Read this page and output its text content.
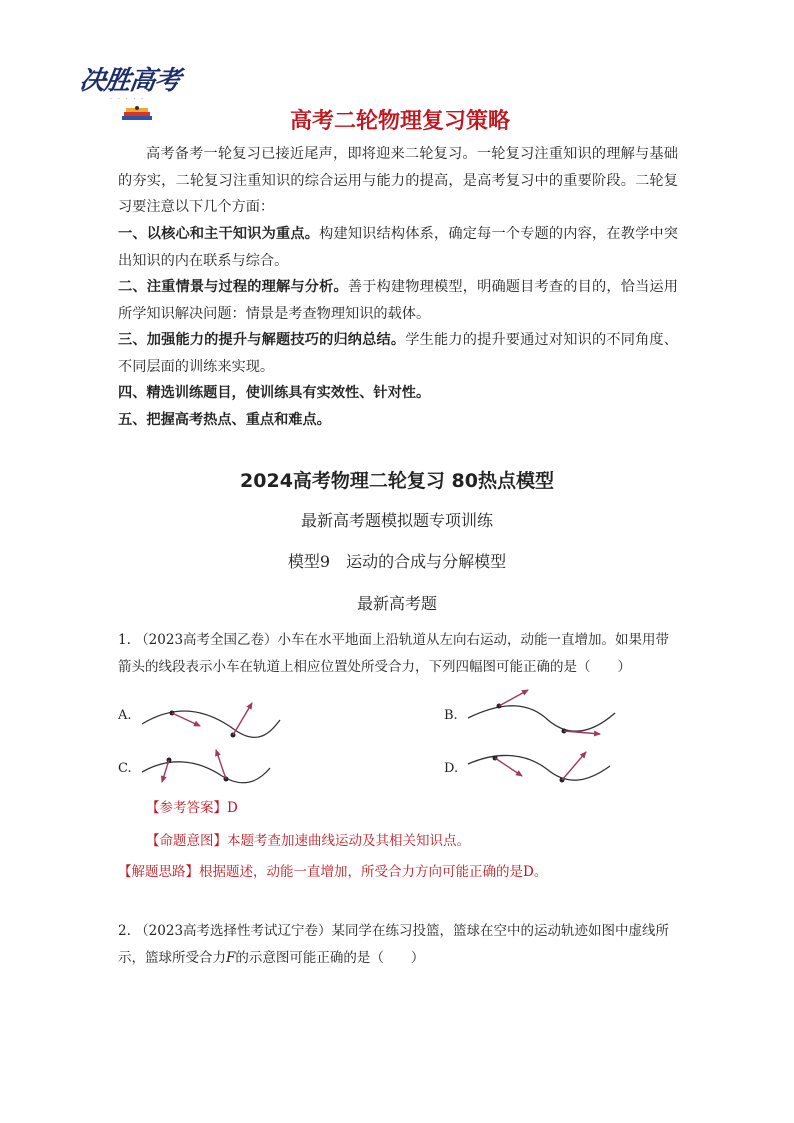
决胜高考
· · · · ·
高考二轮物理复习策略
高考备考一轮复习已接近尾声，即将迎来二轮复习。一轮复习注重知识的理解与基础的夯实，二轮复习注重知识的综合运用与能力的提高，是高考复习中的重要阶段。二轮复习要注意以下几个方面：
一、以核心和主干知识为重点。构建知识结构体系，确定每一个专题的内容，在教学中突出知识的内在联系与综合。
二、注重情景与过程的理解与分析。善于构建物理模型，明确题目考查的目的，恰当运用所学知识解决问题：情景是考查物理知识的载体。
三、加强能力的提升与解题技巧的归纳总结。学生能力的提升要通过对知识的不同角度、不同层面的训练来实现。
四、精选训练题目，使训练具有实效性、针对性。
五、把握高考热点、重点和难点。
2024高考物理二轮复习 80热点模型
最新高考题模拟题专项训练
模型9　运动的合成与分解模型
最新高考题
1. （2023高考全国乙卷）小车在水平地面上沿轨道从左向右运动，动能一直增加。如果用带箭头的线段表示小车在轨道上相应位置处所受合力，下列四幅图可能正确的是（　　）
A.	B.
C.	D.
【参考答案】D
【命题意图】本题考查加速曲线运动及其相关知识点。
【解题思路】根据题述，动能一直增加，所受合力方向可能正确的是D。
2. （2023高考选择性考试辽宁卷）某同学在练习投篮，篮球在空中的运动轨迹如图中虚线所示，篮球所受合力F的示意图可能正确的是（　　）
